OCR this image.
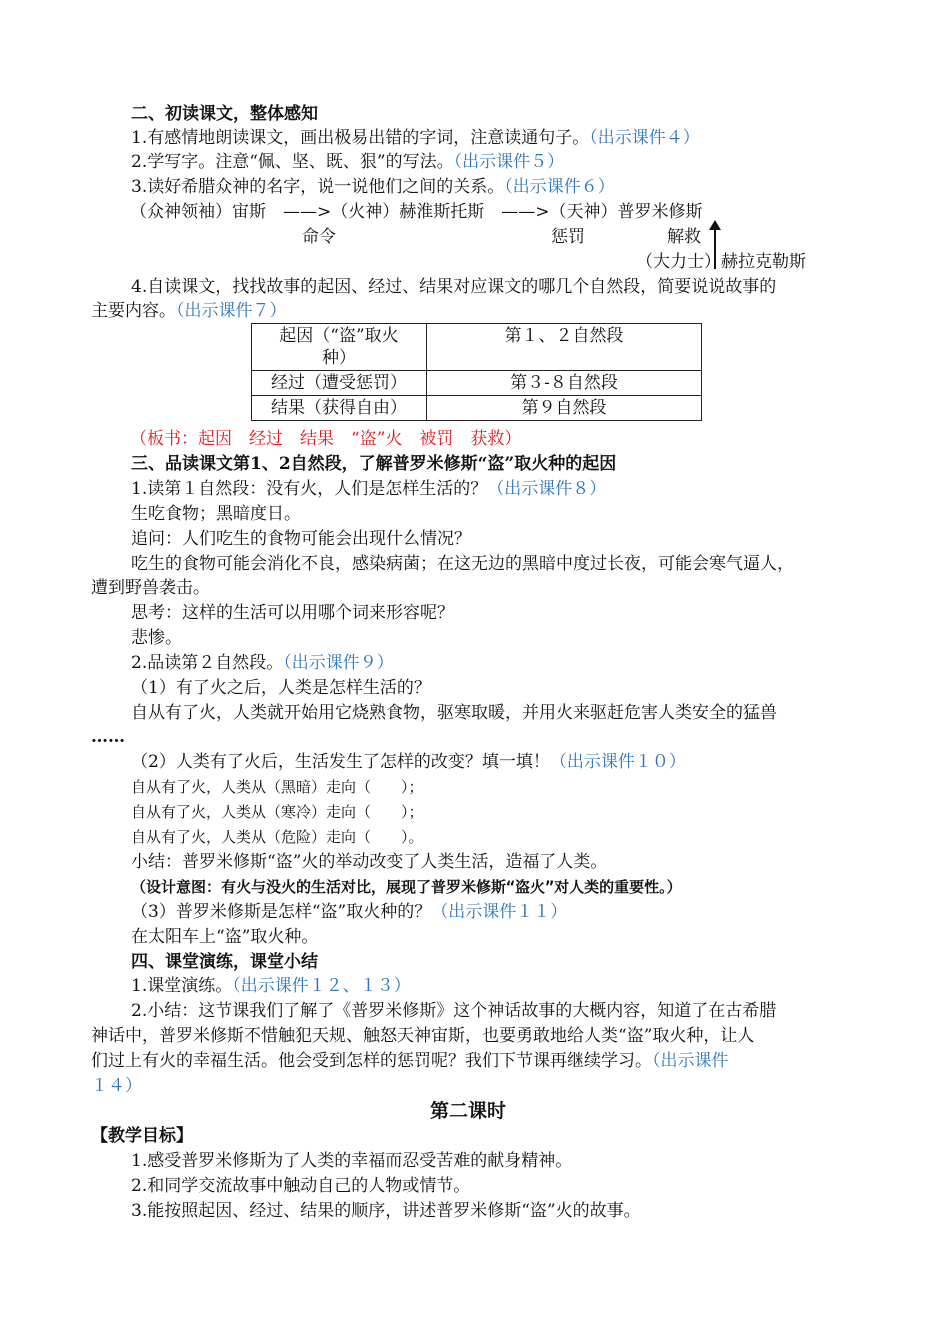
二、初读课文，整体感知
1.有感情地朗读课文，画出极易出错的字词，注意读通句子。（出示课件４）
2.学写字。注意“佩、坚、既、狠”的写法。（出示课件５）
3.读好希腊众神的名字，说一说他们之间的关系。（出示课件６）
（众神领袖）宙斯　——>（火神）赫淮斯托斯　——>（天神）普罗米修斯
命令	惩罚	解救
（大力士）赫拉克勒斯
4.自读课文，找找故事的起因、经过、结果对应课文的哪几个自然段，简要说说故事的
主要内容。（出示课件７）
起因（“盗”取火
种）	第１、２自然段
经过（遭受惩罚）	第３-８自然段
结果（获得自由）	第９自然段
（板书：起因　经过　结果　“盗”火　被罚　获救）
三、品读课文第1、2自然段，了解普罗米修斯“盗”取火种的起因
1.读第１自然段：没有火，人们是怎样生活的？（出示课件８）
生吃食物；黑暗度日。
追问：人们吃生的食物可能会出现什么情况？
吃生的食物可能会消化不良，感染病菌；在这无边的黑暗中度过长夜，可能会寒气逼人，
遭到野兽袭击。
思考：这样的生活可以用哪个词来形容呢？
悲惨。
2.品读第２自然段。（出示课件９）
（1）有了火之后，人类是怎样生活的？
自从有了火，人类就开始用它烧熟食物，驱寒取暖，并用火来驱赶危害人类安全的猛兽
……
（2）人类有了火后，生活发生了怎样的改变？填一填！（出示课件１０）
自从有了火，人类从（黑暗）走向（　　）；
自从有了火，人类从（寒冷）走向（　　）；
自从有了火，人类从（危险）走向（　　）。
小结：普罗米修斯“盗”火的举动改变了人类生活，造福了人类。
（设计意图：有火与没火的生活对比，展现了普罗米修斯“盗火”对人类的重要性。）
（3）普罗米修斯是怎样“盗”取火种的？（出示课件１１）
在太阳车上“盗”取火种。
四、课堂演练，课堂小结
1.课堂演练。（出示课件１２、１３）
2.小结：这节课我们了解了《普罗米修斯》这个神话故事的大概内容，知道了在古希腊
神话中，普罗米修斯不惜触犯天规、触怒天神宙斯，也要勇敢地给人类“盗”取火种，让人
们过上有火的幸福生活。他会受到怎样的惩罚呢？我们下节课再继续学习。（出示课件
１４）
第二课时
【教学目标】
1.感受普罗米修斯为了人类的幸福而忍受苦难的献身精神。
2.和同学交流故事中触动自己的人物或情节。
3.能按照起因、经过、结果的顺序，讲述普罗米修斯“盗”火的故事。
